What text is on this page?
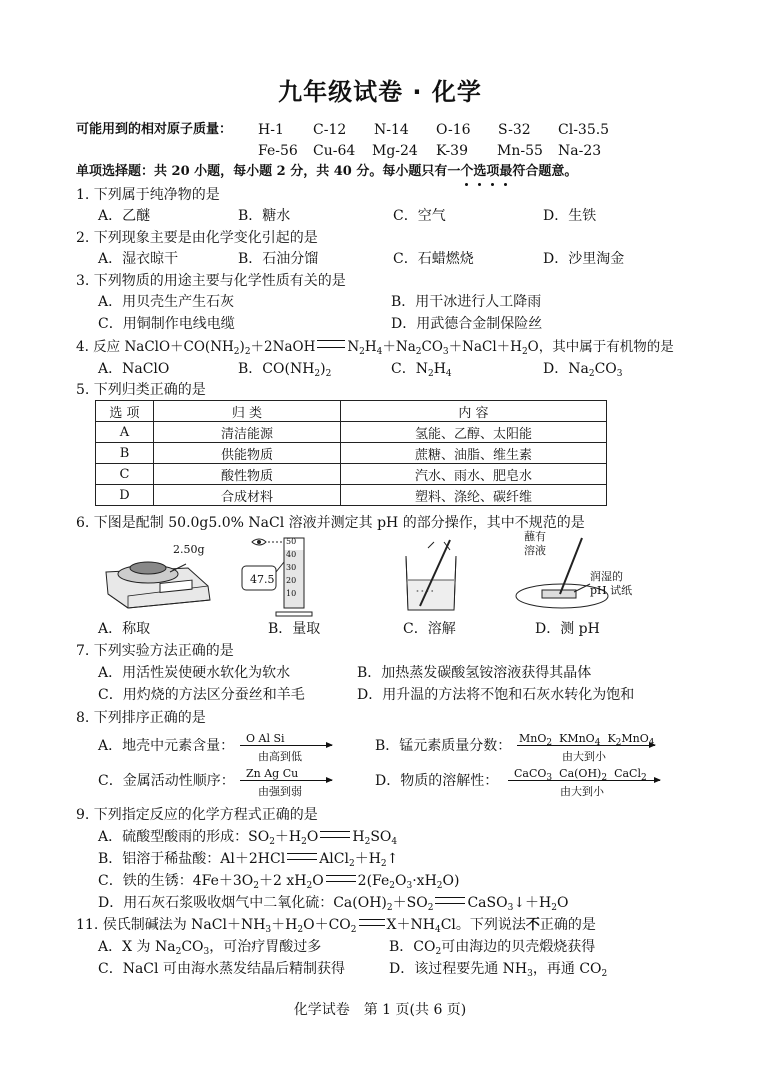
九年级试卷 · 化学
可能用到的相对原子质量： H-1 C-12 N-14 O-16 S-32 Cl-35.5
Fe-56 Cu-64 Mg-24 K-39 Mn-55 Na-23
单项选择题：共 20 小题，每小题 2 分，共 40 分。每小题只有一个选项最符合题意。
1. 下列属于纯净物的是
A．乙醚	B．糖水	C．空气	D．生铁
2. 下列现象主要是由化学变化引起的是
A．湿衣晾干	B．石油分馏	C．石蜡燃烧	D．沙里淘金
3. 下列物质的用途主要与化学性质有关的是
A．用贝壳生产生石灰	B．用干冰进行人工降雨
C．用铜制作电线电缆	D．用武德合金制保险丝
4. 反应 $NaClO+CO(NH_2)_2+2NaOH$ $N_2H_4+Na_2CO_3+NaCl+H_2O$，其中属于有机物的是
A．NaClO	B．$CO(NH_2)_2$	C．$N_2H_4$	D．$Na_2CO_3$
5. 下列归类正确的是
选 项	归 类	内 容
A	清洁能源	氢能、乙醇、太阳能
B	供能物质	蔗糖、油脂、维生素
C	酸性物质	汽水、雨水、肥皂水
D	合成材料	塑料、涤纶、碳纤维
6. 下图是配制 50.0g5.0% NaCl 溶液并测定其 pH 的部分操作，其中不规范的是
2.50g
47.5
50
40
30
20
10	˚ ˚ ˚ ˚
蘸有
溶液
润湿的
pH 试纸
A．称取	B．量取	C．溶解	D．测 pH
7. 下列实验方法正确的是
A．用活性炭使硬水软化为软水	B．加热蒸发碳酸氢铵溶液获得其晶体
C．用灼烧的方法区分蚕丝和羊毛	D．用升温的方法将不饱和石灰水转化为饱和
8. 下列排序正确的是
A．地壳中元素含量： O Al Si
由高到低
B．锰元素质量分数： MnO$_2$ KMnO$_4$ $K_2MnO_4$
由大到小
C．金属活动性顺序： Zn Ag Cu
由强到弱
D．物质的溶解性： CaCO$_3$ $Ca(OH)_2$ CaCl$_2$
由大到小
9. 下列指定反应的化学方程式正确的是
A．硫酸型酸雨的形成：$SO_2+H_2O$ $H_2SO_4$
B．铝溶于稀盐酸：Al＋2HCl $AlCl_2+H_2↑$
C．铁的生锈：$4Fe+3O_2+2$ $xH_2O$ $2(Fe_2O_3\cdot xH_2O)$
D．用石灰石浆吸收烟气中二氧化硫：$Ca(OH)_2+SO_2$ $CaSO_3↓+H_2O$
11. 侯氏制碱法为 $NaCl+NH_3+H_2O+CO_2$ $X+NH_4Cl$。下列说法不正确的是
A．X 为 $Na_2CO_3$，可治疗胃酸过多	B．$CO_2$可由海边的贝壳煅烧获得
C．NaCl 可由海水蒸发结晶后精制获得	D．该过程要先通 $NH_3$，再通 $CO_2$
化学试卷　第 1 页(共 6 页)
